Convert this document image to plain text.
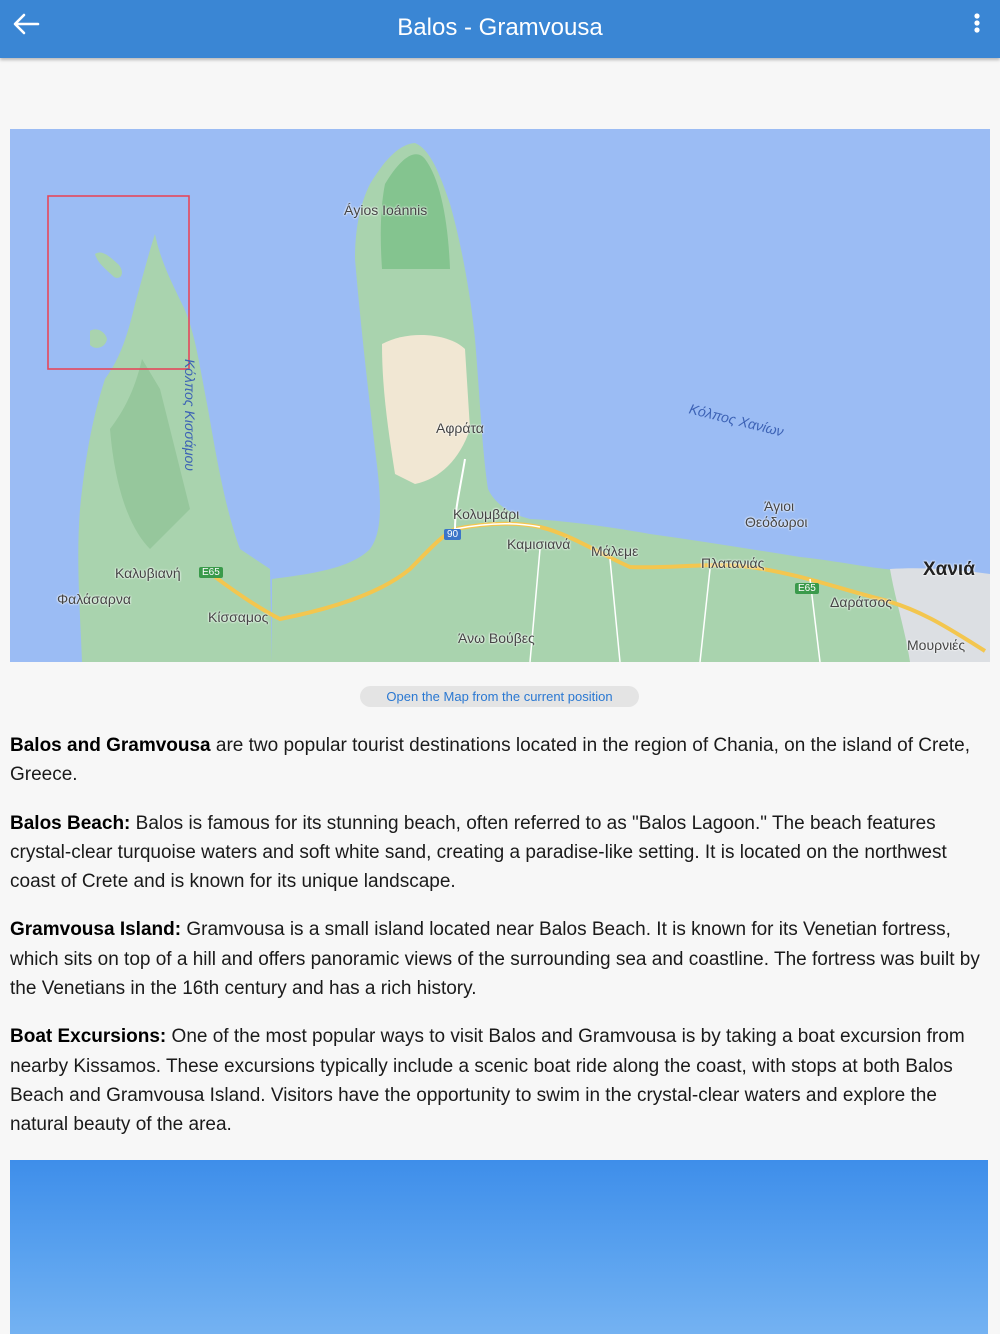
Balos - Gramvousa
Áyios Ioánnis
Κόλπος Κισσάμου	Κόλπος Χανίων
Αφράτα
Κολυμβάρι
90
Καμισιανά Μάλεμε
Άγιοι
Θεόδωροι
Πλατανιάς	Χανιά
Καλυβιανή	E65
Φαλάσαρνα
Κίσσαμος
Άνω Βούβες
E65
Δαράτσος
Μουρνιές
Open the Map from the current position

Balos and Gramvousa are two popular tourist destinations located in the region of Chania, on the island of Crete, Greece.

Balos Beach: Balos is famous for its stunning beach, often referred to as "Balos Lagoon." The beach features crystal-clear turquoise waters and soft white sand, creating a paradise-like setting. It is located on the northwest coast of Crete and is known for its unique landscape.

Gramvousa Island: Gramvousa is a small island located near Balos Beach. It is known for its Venetian fortress, which sits on top of a hill and offers panoramic views of the surrounding sea and coastline. The fortress was built by the Venetians in the 16th century and has a rich history.

Boat Excursions: One of the most popular ways to visit Balos and Gramvousa is by taking a boat excursion from nearby Kissamos. These excursions typically include a scenic boat ride along the coast, with stops at both Balos Beach and Gramvousa Island. Visitors have the opportunity to swim in the crystal-clear waters and explore the natural beauty of the area.
